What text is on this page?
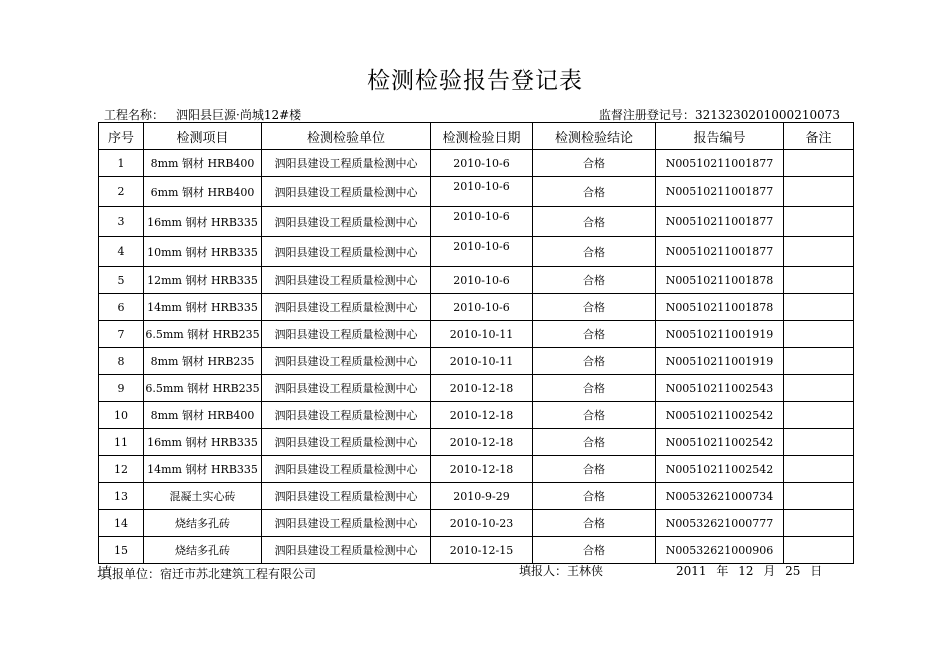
检测检验报告登记表
工程名称： 泗阳县巨源·尚城12#楼	监督注册登记号：3213230201000210073
序号	检测项目	检测检验单位	检测检验日期	检测检验结论	报告编号	备注
1	8mm 钢材 HRB400	泗阳县建设工程质量检测中心	2010-10-6	合格	N00510211001877	
2	6mm 钢材 HRB400	泗阳县建设工程质量检测中心	2010-10-6	合格	N00510211001877	
3	16mm 钢材 HRB335	泗阳县建设工程质量检测中心	2010-10-6	合格	N00510211001877	
4	10mm 钢材 HRB335	泗阳县建设工程质量检测中心	2010-10-6	合格	N00510211001877	
5	12mm 钢材 HRB335	泗阳县建设工程质量检测中心	2010-10-6	合格	N00510211001878	
6	14mm 钢材 HRB335	泗阳县建设工程质量检测中心	2010-10-6	合格	N00510211001878	
7	6.5mm 钢材 HRB235	泗阳县建设工程质量检测中心	2010-10-11	合格	N00510211001919	
8	8mm 钢材 HRB235	泗阳县建设工程质量检测中心	2010-10-11	合格	N00510211001919	
9	6.5mm 钢材 HRB235	泗阳县建设工程质量检测中心	2010-12-18	合格	N00510211002543	
10	8mm 钢材 HRB400	泗阳县建设工程质量检测中心	2010-12-18	合格	N00510211002542	
11	16mm 钢材 HRB335	泗阳县建设工程质量检测中心	2010-12-18	合格	N00510211002542	
12	14mm 钢材 HRB335	泗阳县建设工程质量检测中心	2010-12-18	合格	N00510211002542	
13	混凝土实心砖	泗阳县建设工程质量检测中心	2010-9-29	合格	N00532621000734	
14	烧结多孔砖	泗阳县建设工程质量检测中心	2010-10-23	合格	N00532621000777	
15	烧结多孔砖	泗阳县建设工程质量检测中心	2010-12-15	合格	N00532621000906	
填报单位：宿迁市苏北建筑工程有限公司	填报人：王林侠	2011 年 12 月 25 日
